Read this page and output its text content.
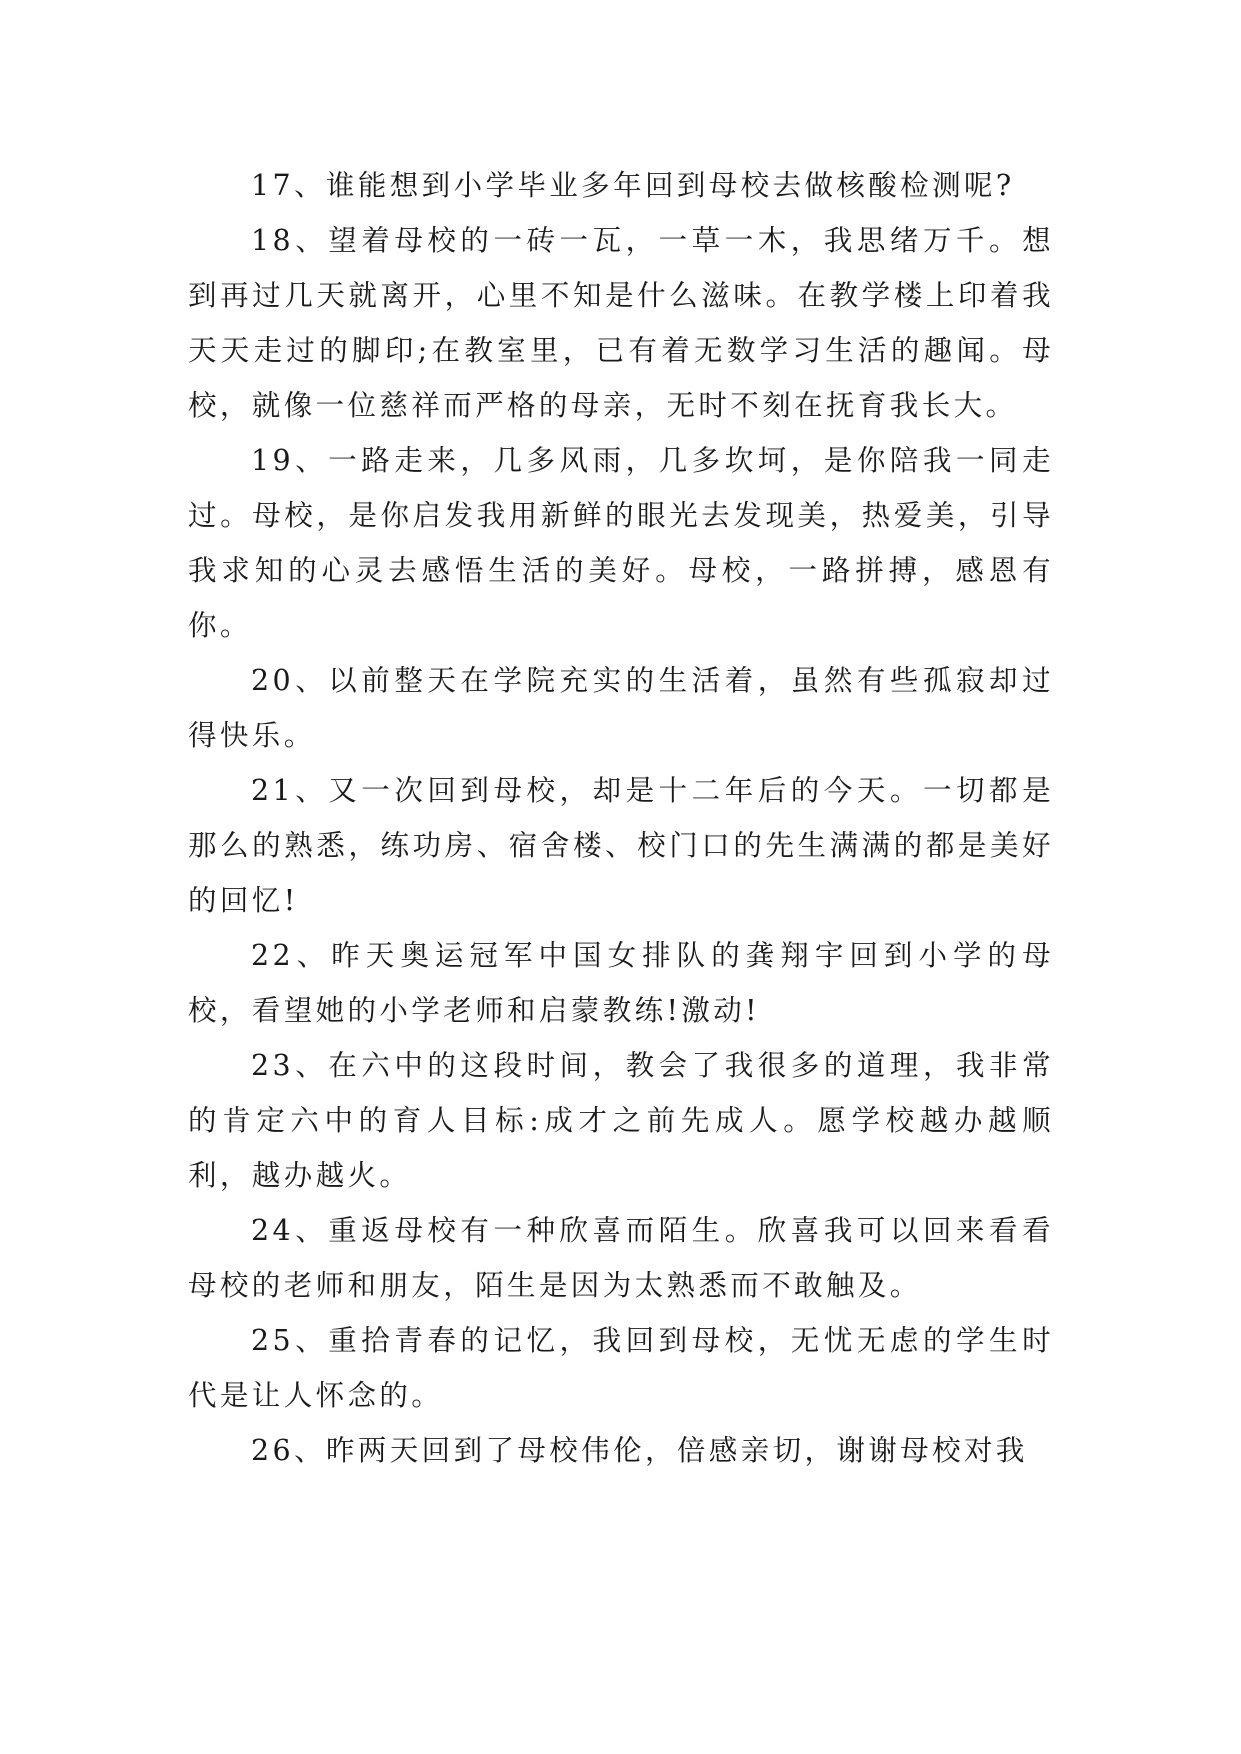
17、谁能想到小学毕业多年回到母校去做核酸检测呢?

18、望着母校的一砖一瓦，一草一木，我思绪万千。想到再过几天就离开，心里不知是什么滋味。在教学楼上印着我天天走过的脚印;在教室里，已有着无数学习生活的趣闻。母校，就像一位慈祥而严格的母亲，无时不刻在抚育我长大。

19、一路走来，几多风雨，几多坎坷，是你陪我一同走过。母校，是你启发我用新鲜的眼光去发现美，热爱美，引导我求知的心灵去感悟生活的美好。母校，一路拼搏，感恩有你。

20、以前整天在学院充实的生活着，虽然有些孤寂却过得快乐。

21、又一次回到母校，却是十二年后的今天。一切都是那么的熟悉，练功房、宿舍楼、校门口的先生满满的都是美好的回忆!

22、昨天奥运冠军中国女排队的龚翔宇回到小学的母校，看望她的小学老师和启蒙教练!激动!

23、在六中的这段时间，教会了我很多的道理，我非常的肯定六中的育人目标:成才之前先成人。愿学校越办越顺利，越办越火。

24、重返母校有一种欣喜而陌生。欣喜我可以回来看看母校的老师和朋友，陌生是因为太熟悉而不敢触及。

25、重拾青春的记忆，我回到母校，无忧无虑的学生时代是让人怀念的。

26、昨两天回到了母校伟伦，倍感亲切，谢谢母校对我
